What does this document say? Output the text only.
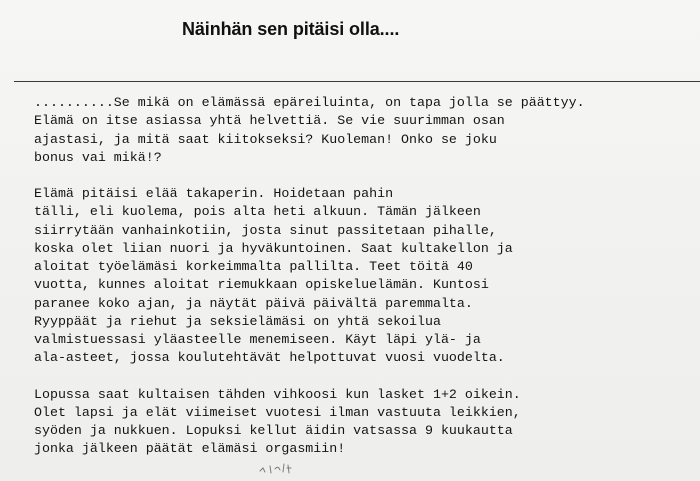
Näinhän sen pitäisi olla....

..........Se mikä on elämässä epäreiluinta, on tapa jolla se päättyy.
Elämä on itse asiassa yhtä helvettiä. Se vie suurimman osan
ajastasi, ja mitä saat kiitokseksi? Kuoleman! Onko se joku
bonus vai mikä!?

Elämä pitäisi elää takaperin. Hoidetaan pahin
tälli, eli kuolema, pois alta heti alkuun. Tämän jälkeen
siirrytään vanhainkotiin, josta sinut passitetaan pihalle,
koska olet liian nuori ja hyväkuntoinen. Saat kultakellon ja
aloitat työelämäsi korkeimmalta pallilta. Teet töitä 40
vuotta, kunnes aloitat riemukkaan opiskeluelämän. Kuntosi
paranee koko ajan, ja näytät päivä päivältä paremmalta.
Ryyppäät ja riehut ja seksielämäsi on yhtä sekoilua
valmistuessasi yläasteelle menemiseen. Käyt läpi ylä- ja
ala-asteet, jossa koulutehtävät helpottuvat vuosi vuodelta.

Lopussa saat kultaisen tähden vihkoosi kun lasket 1+2 oikein.
Olet lapsi ja elät viimeiset vuotesi ilman vastuuta leikkien,
syöden ja nukkuen. Lopuksi kellut äidin vatsassa 9 kuukautta
jonka jälkeen päätät elämäsi orgasmiin!
